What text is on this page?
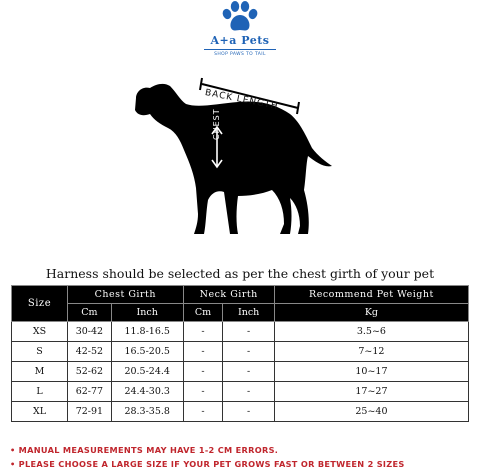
A+a Pets
SHOP PAWS TO TAIL
BACK LENGTH
CHEST
Harness should be selected as per the chest girth of your pet
Size	Chest Girth		Neck Girth		Recommend Pet Weight
	Cm	Inch	Cm	Inch	Kg
XS	30-42	11.8-16.5	-	-	3.5~6
S	42-52	16.5-20.5	-	-	7~12
M	52-62	20.5-24.4	-	-	10~17
L	62-77	24.4-30.3	-	-	17~27
XL	72-91	28.3-35.8	-	-	25~40
• MANUAL MEASUREMENTS MAY HAVE 1-2 CM ERRORS.
• PLEASE CHOOSE A LARGE SIZE IF YOUR PET GROWS FAST OR BETWEEN 2 SIZES
